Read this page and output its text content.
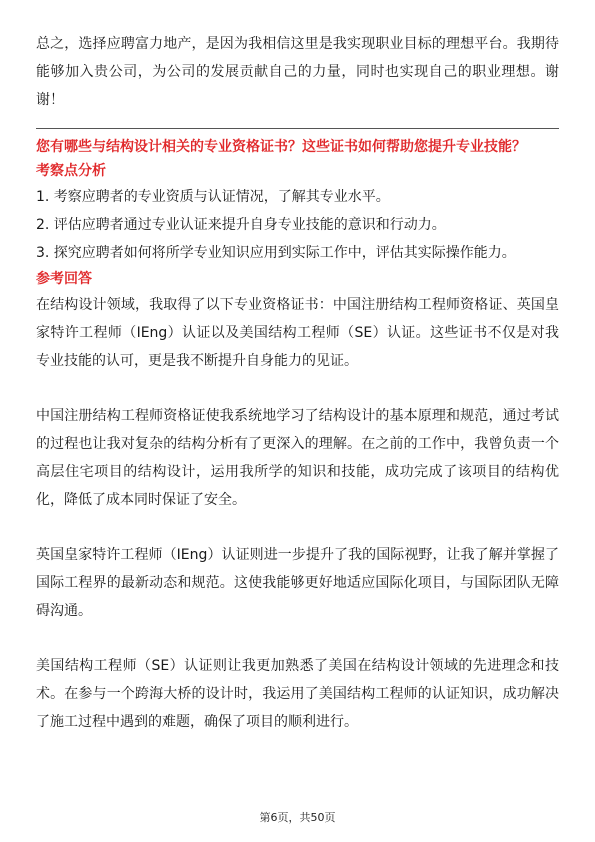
总之，选择应聘富力地产，是因为我相信这里是我实现职业目标的理想平台。我期待能够加入贵公司，为公司的发展贡献自己的力量，同时也实现自己的职业理想。谢谢！

您有哪些与结构设计相关的专业资格证书？这些证书如何帮助您提升专业技能？

考察点分析

1. 考察应聘者的专业资质与认证情况，了解其专业水平。

2. 评估应聘者通过专业认证来提升自身专业技能的意识和行动力。

3. 探究应聘者如何将所学专业知识应用到实际工作中，评估其实际操作能力。

参考回答

在结构设计领域，我取得了以下专业资格证书：中国注册结构工程师资格证、英国皇家特许工程师（IEng）认证以及美国结构工程师（SE）认证。这些证书不仅是对我专业技能的认可，更是我不断提升自身能力的见证。

中国注册结构工程师资格证使我系统地学习了结构设计的基本原理和规范，通过考试的过程也让我对复杂的结构分析有了更深入的理解。在之前的工作中，我曾负责一个高层住宅项目的结构设计，运用我所学的知识和技能，成功完成了该项目的结构优化，降低了成本同时保证了安全。

英国皇家特许工程师（IEng）认证则进一步提升了我的国际视野，让我了解并掌握了国际工程界的最新动态和规范。这使我能够更好地适应国际化项目，与国际团队无障碍沟通。

美国结构工程师（SE）认证则让我更加熟悉了美国在结构设计领域的先进理念和技术。在参与一个跨海大桥的设计时，我运用了美国结构工程师的认证知识，成功解决了施工过程中遇到的难题，确保了项目的顺利进行。

第6页，共50页
